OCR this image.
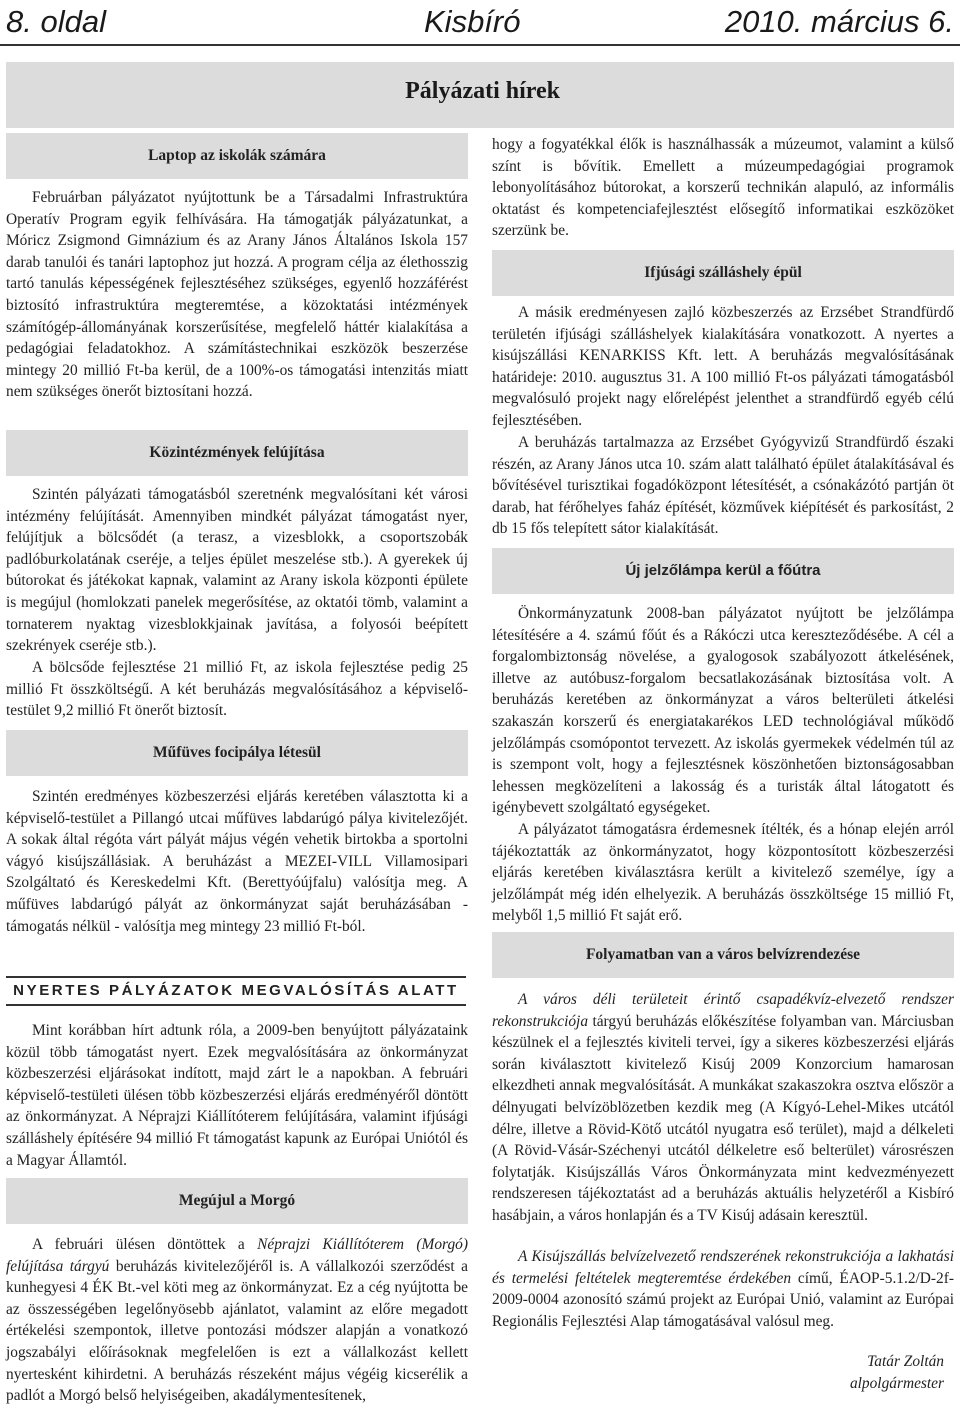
8. oldal	Kisbíró	2010. március 6.
Pályázati hírek
Laptop az iskolák számára

Februárban pályázatot nyújtottunk be a Társadalmi Infrastruktúra Operatív Program egyik felhívására. Ha támogatják pályázatunkat, a Móricz Zsigmond Gimnázium és az Arany János Általános Iskola 157 darab tanulói és tanári laptophoz jut hozzá. A program célja az élethosszig tartó tanulás képességének fejlesztéséhez szükséges, egyenlő hozzáférést biztosító infrastruktúra megteremtése, a közoktatási intézmények számítógép-állományának korszerűsítése, megfelelő háttér kialakítása a pedagógiai feladatokhoz. A számítástechnikai eszközök beszerzése mintegy 20 millió Ft-ba kerül, de a 100%-os támogatási intenzitás miatt nem szükséges önerőt biztosítani hozzá.

Közintézmények felújítása

Szintén pályázati támogatásból szeretnénk megvalósítani két városi intézmény felújítását. Amennyiben mindkét pályázat támogatást nyer, felújítjuk a bölcsődét (a terasz, a vizesblokk, a csoportszobák padlóburkolatának cseréje, a teljes épület meszelése stb.). A gyerekek új bútorokat és játékokat kapnak, valamint az Arany iskola központi épülete is megújul (homlokzati panelek megerősítése, az oktatói tömb, valamint a tornaterem nyaktag vizesblokkjainak javítása, a folyosói beépített szekrények cseréje stb.).

A bölcsőde fejlesztése 21 millió Ft, az iskola fejlesztése pedig 25 millió Ft összköltségű. A két beruházás megvalósításához a képviselő-testület 9,2 millió Ft önerőt biztosít.

Műfüves focipálya létesül

Szintén eredményes közbeszerzési eljárás keretében választotta ki a képviselő-testület a Pillangó utcai műfüves labdarúgó pálya kivitelezőjét. A sokak által régóta várt pályát május végén vehetik birtokba a sportolni vágyó kisújszállásiak. A beruházást a MEZEI-VILL Villamosipari Szolgáltató és Kereskedelmi Kft. (Berettyóújfalu) valósítja meg. A műfüves labdarúgó pályát az önkormányzat saját beruházásában - támogatás nélkül - valósítja meg mintegy 23 millió Ft-ból.

Mint korábban hírt adtunk róla, a 2009-ben benyújtott pályázataink közül több támogatást nyert. Ezek megvalósítására az önkormányzat közbeszerzési eljárásokat indított, majd zárt le a napokban. A februári képviselő-testületi ülésen több közbeszerzési eljárás eredményéről döntött az önkormányzat. A Néprajzi Kiállítóterem felújítására, valamint ifjúsági szálláshely építésére 94 millió Ft támogatást kapunk az Európai Uniótól és a Magyar Államtól.

Megújul a Morgó

A februári ülésen döntöttek a Néprajzi Kiállítóterem (Morgó) felújítása tárgyú beruházás kivitelezőjéről is. A vállalkozói szerződést a kunhegyesi 4 ÉK Bt.-vel köti meg az önkormányzat. Ez a cég nyújtotta be az összességében legelőnyösebb ajánlatot, valamint az előre megadott értékelési szempontok, illetve pontozási módszer alapján a vonatkozó jogszabályi előírásoknak megfelelően is ezt a vállalkozást kellett nyertesként kihirdetni. A beruházás részeként május végéig kicserélik a padlót a Morgó belső helyiségeiben, akadálymentesítenek,

NYERTES PÁLYÁZATOK MEGVALÓSÍTÁS ALATT

hogy a fogyatékkal élők is használhassák a múzeumot, valamint a külső színt is bővítik. Emellett a múzeumpedagógiai programok lebonyolításához bútorokat, a korszerű technikán alapuló, az informális oktatást és kompetenciafejlesztést elősegítő informatikai eszközöket szerzünk be.

Ifjúsági szálláshely épül

A másik eredményesen zajló közbeszerzés az Erzsébet Strandfürdő területén ifjúsági szálláshelyek kialakítására vonatkozott. A nyertes a kisújszállási KENARKISS Kft. lett. A beruházás megvalósításának határideje: 2010. augusztus 31. A 100 millió Ft-os pályázati támogatásból megvalósuló projekt nagy előrelépést jelenthet a strandfürdő egyéb célú fejlesztésében.

A beruházás tartalmazza az Erzsébet Gyógyvizű Strandfürdő északi részén, az Arany János utca 10. szám alatt található épület átalakításával és bővítésével turisztikai fogadóközpont létesítését, a csónakázótó partján öt darab, hat férőhelyes faház építését, közművek kiépítését és parkosítást, 2 db 15 fős telepített sátor kialakítását.

Új jelzőlámpa kerül a főútra

Önkormányzatunk 2008-ban pályázatot nyújtott be jelzőlámpa létesítésére a 4. számú főút és a Rákóczi utca kereszteződésébe. A cél a forgalombiztonság növelése, a gyalogosok szabályozott átkelésének, illetve az autóbusz-forgalom becsatlakozásának biztosítása volt. A beruházás keretében az önkormányzat a város belterületi átkelési szakaszán korszerű és energiatakarékos LED technológiával működő jelzőlámpás csomópontot tervezett. Az iskolás gyermekek védelmén túl az is szempont volt, hogy a fejlesztésnek köszönhetően biztonságosabban lehessen megközelíteni a lakosság és a turisták által látogatott és igénybevett szolgáltató egységeket.

A pályázatot támogatásra érdemesnek ítélték, és a hónap elején arról tájékoztatták az önkormányzatot, hogy központosított közbeszerzési eljárás keretében kiválasztásra került a kivitelező személye, így a jelzőlámpát még idén elhelyezik. A beruházás összköltsége 15 millió Ft, melyből 1,5 millió Ft saját erő.

Folyamatban van a város belvízrendezése

A város déli területeit érintő csapadékvíz-elvezető rendszer rekonstrukciója tárgyú beruházás előkészítése folyamban van. Márciusban készülnek el a fejlesztés kiviteli tervei, így a sikeres közbeszerzési eljárás során kiválasztott kivitelező Kisúj 2009 Konzorcium hamarosan elkezdheti annak megvalósítását. A munkákat szakaszokra osztva először a délnyugati belvízöblözetben kezdik meg (A Kígyó-Lehel-Mikes utcától délre, illetve a Rövid-Kötő utcától nyugatra eső terület), majd a délkeleti (A Rövid-Vásár-Széchenyi utcától délkeletre eső belterület) városrészen folytatják. Kisújszállás Város Önkormányzata mint kedvezményezett rendszeresen tájékoztatást ad a beruházás aktuális helyzetéről a Kisbíró hasábjain, a város honlapján és a TV Kisúj adásain keresztül.

A Kisújszállás belvízelvezető rendszerének rekonstrukciója a lakhatási és termelési feltételek megteremtése érdekében című, ÉAOP-5.1.2/D-2f-2009-0004 azonosító számú projekt az Európai Unió, valamint az Európai Regionális Fejlesztési Alap támogatásával valósul meg.

Tatár Zoltán
alpolgármester
